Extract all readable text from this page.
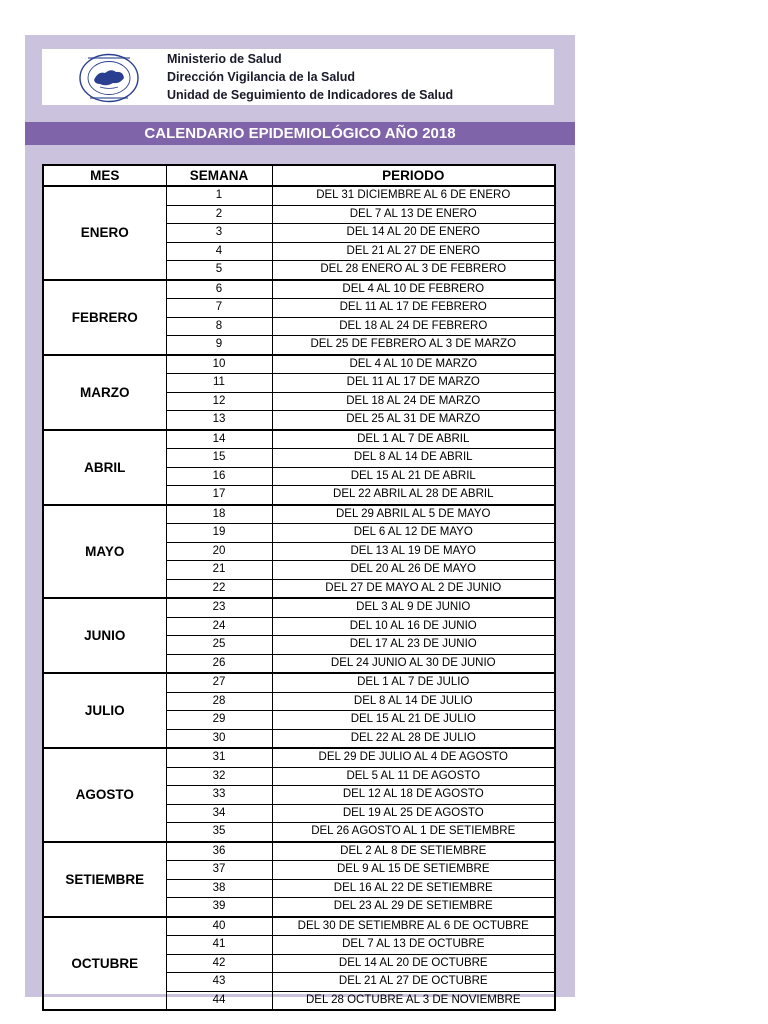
Ministerio de Salud
Dirección Vigilancia de la Salud
Unidad de Seguimiento de Indicadores de Salud
CALENDARIO EPIDEMIOLÓGICO AÑO 2018
MES	SEMANA	PERIODO
ENERO	1	DEL 31 DICIEMBRE AL 6 DE ENERO
	2	DEL 7 AL 13 DE ENERO
	3	DEL 14 AL 20 DE ENERO
	4	DEL 21 AL 27 DE ENERO
	5	DEL 28 ENERO AL 3 DE FEBRERO
FEBRERO	6	DEL 4 AL 10 DE FEBRERO
	7	DEL 11 AL 17 DE FEBRERO
	8	DEL 18 AL 24 DE FEBRERO
	9	DEL 25 DE FEBRERO AL 3 DE MARZO
MARZO	10	DEL 4 AL 10 DE MARZO
	11	DEL 11 AL 17 DE MARZO
	12	DEL 18 AL 24 DE MARZO
	13	DEL 25 AL 31 DE MARZO
ABRIL	14	DEL 1 AL 7 DE ABRIL
	15	DEL 8 AL 14 DE ABRIL
	16	DEL 15 AL 21 DE ABRIL
	17	DEL 22 ABRIL AL 28 DE ABRIL
MAYO	18	DEL 29 ABRIL AL 5 DE MAYO
	19	DEL 6 AL 12 DE MAYO
	20	DEL 13 AL 19 DE MAYO
	21	DEL 20 AL 26 DE MAYO
	22	DEL 27 DE MAYO AL 2 DE JUNIO
JUNIO	23	DEL 3 AL 9 DE JUNIO
	24	DEL 10 AL 16 DE JUNIO
	25	DEL 17 AL 23 DE JUNIO
	26	DEL 24 JUNIO AL 30 DE JUNIO
JULIO	27	DEL 1 AL 7 DE JULIO
	28	DEL 8 AL 14 DE JULIO
	29	DEL 15 AL 21 DE JULIO
	30	DEL 22 AL 28 DE JULIO
AGOSTO	31	DEL 29 DE JULIO AL 4 DE AGOSTO
	32	DEL 5 AL 11 DE AGOSTO
	33	DEL 12 AL 18 DE AGOSTO
	34	DEL 19 AL 25 DE AGOSTO
	35	DEL 26 AGOSTO AL 1 DE SETIEMBRE
SETIEMBRE	36	DEL 2 AL 8 DE SETIEMBRE
	37	DEL 9 AL 15 DE SETIEMBRE
	38	DEL 16 AL 22 DE SETIEMBRE
	39	DEL 23 AL 29 DE SETIEMBRE
OCTUBRE	40	DEL 30 DE SETIEMBRE AL 6 DE OCTUBRE
	41	DEL 7 AL 13 DE OCTUBRE
	42	DEL 14 AL 20 DE OCTUBRE
	43	DEL 21 AL 27 DE OCTUBRE
	44	DEL 28 OCTUBRE AL 3 DE NOVIEMBRE
